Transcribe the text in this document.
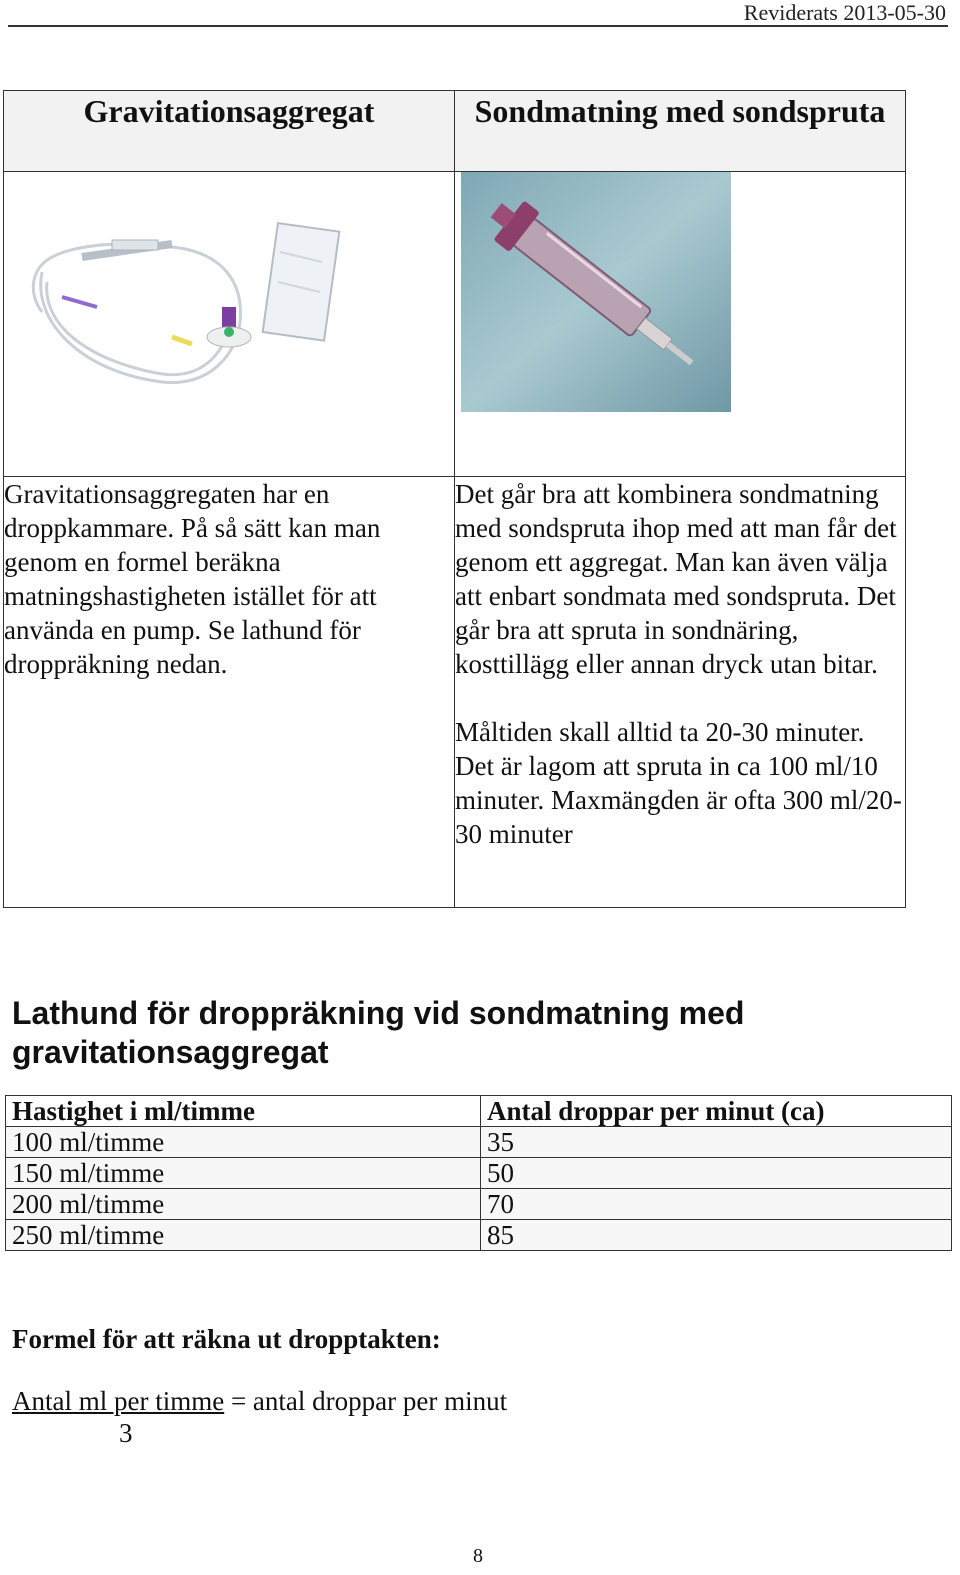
Reviderats 2013-05-30
Gravitationsaggregat	Sondmatning med sondspruta

Gravitationsaggregaten har en droppkammare. På så sätt kan man genom en formel beräkna matningshastigheten istället för att använda en pump. Se lathund för droppräkning nedan.	Det går bra att kombinera sondmatning med sondspruta ihop med att man får det genom ett aggregat. Man kan även välja att enbart sondmata med sondspruta. Det går bra att spruta in sondnäring, kosttillägg eller annan dryck utan bitar.

Måltiden skall alltid ta 20-30 minuter. Det är lagom att spruta in ca 100 ml/10 minuter. Maxmängden är ofta 300 ml/20-30 minuter

Lathund för droppräkning vid sondmatning med gravitationsaggregat
Hastighet i ml/timme	Antal droppar per minut (ca)
100 ml/timme	35
150 ml/timme	50
200 ml/timme	70
250 ml/timme	85
Formel för att räkna ut dropptakten:
Antal ml per timme = antal droppar per minut
3
8
